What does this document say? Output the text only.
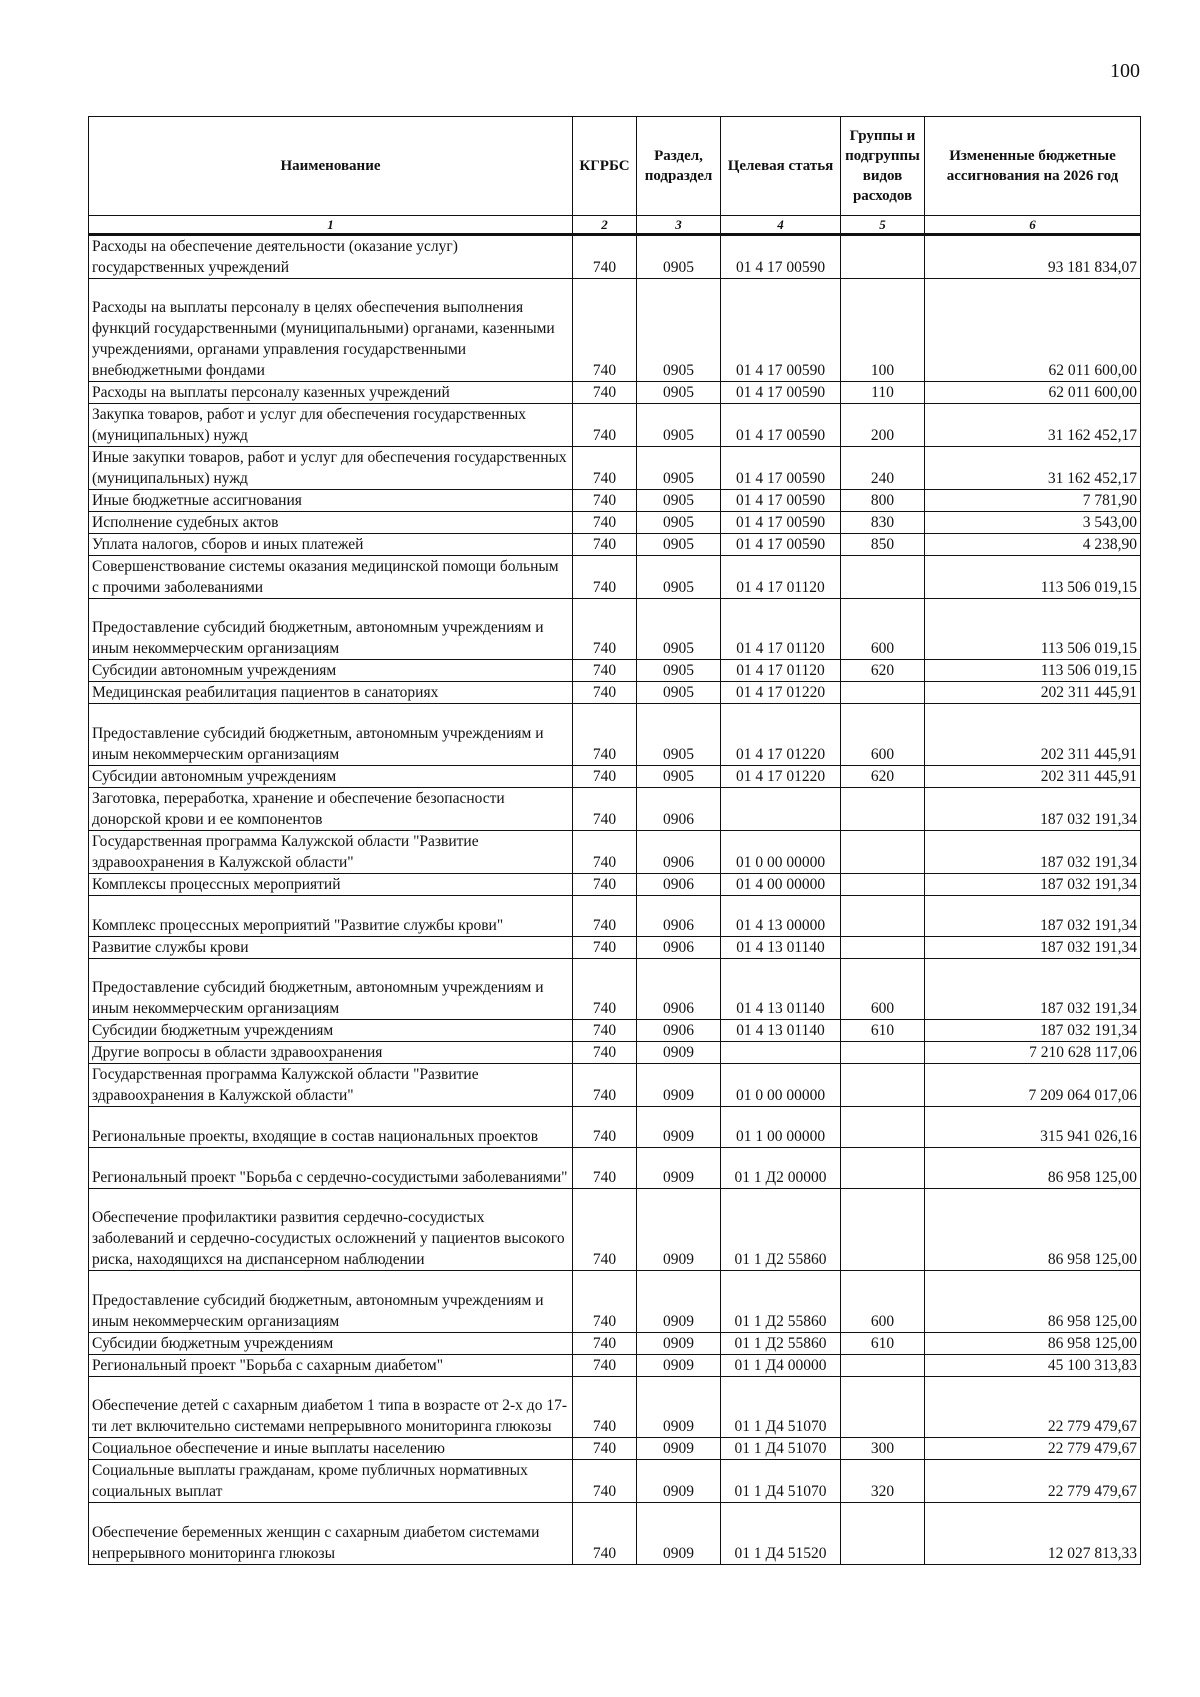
100
Наименование	КГРБС	Раздел, подраздел	Целевая статья	Группы и подгруппы видов расходов	Измененные бюджетные ассигнования на 2026 год
1	2	3	4	5	6
Расходы на обеспечение деятельности (оказание услуг) государственных учреждений	740	0905	01 4 17 00590		93 181 834,07
Расходы на выплаты персоналу в целях обеспечения выполнения функций государственными (муниципальными) органами, казенными учреждениями, органами управления государственными внебюджетными фондами	740	0905	01 4 17 00590	100	62 011 600,00
Расходы на выплаты персоналу казенных учреждений	740	0905	01 4 17 00590	110	62 011 600,00
Закупка товаров, работ и услуг для обеспечения государственных (муниципальных) нужд	740	0905	01 4 17 00590	200	31 162 452,17
Иные закупки товаров, работ и услуг для обеспечения государственных (муниципальных) нужд	740	0905	01 4 17 00590	240	31 162 452,17
Иные бюджетные ассигнования	740	0905	01 4 17 00590	800	7 781,90
Исполнение судебных актов	740	0905	01 4 17 00590	830	3 543,00
Уплата налогов, сборов и иных платежей	740	0905	01 4 17 00590	850	4 238,90
Совершенствование системы оказания медицинской помощи больным с прочими заболеваниями	740	0905	01 4 17 01120		113 506 019,15
Предоставление субсидий бюджетным, автономным учреждениям и иным некоммерческим организациям	740	0905	01 4 17 01120	600	113 506 019,15
Субсидии автономным учреждениям	740	0905	01 4 17 01120	620	113 506 019,15
Медицинская реабилитация пациентов в санаториях	740	0905	01 4 17 01220		202 311 445,91
Предоставление субсидий бюджетным, автономным учреждениям и иным некоммерческим организациям	740	0905	01 4 17 01220	600	202 311 445,91
Субсидии автономным учреждениям	740	0905	01 4 17 01220	620	202 311 445,91
Заготовка, переработка, хранение и обеспечение безопасности донорской крови и ее компонентов	740	0906			187 032 191,34
Государственная программа Калужской области "Развитие здравоохранения в Калужской области"	740	0906	01 0 00 00000		187 032 191,34
Комплексы процессных мероприятий	740	0906	01 4 00 00000		187 032 191,34
Комплекс процессных мероприятий "Развитие службы крови"	740	0906	01 4 13 00000		187 032 191,34
Развитие службы крови	740	0906	01 4 13 01140		187 032 191,34
Предоставление субсидий бюджетным, автономным учреждениям и иным некоммерческим организациям	740	0906	01 4 13 01140	600	187 032 191,34
Субсидии бюджетным учреждениям	740	0906	01 4 13 01140	610	187 032 191,34
Другие вопросы в области здравоохранения	740	0909			7 210 628 117,06
Государственная программа Калужской области "Развитие здравоохранения в Калужской области"	740	0909	01 0 00 00000		7 209 064 017,06
Региональные проекты, входящие в состав национальных проектов	740	0909	01 1 00 00000		315 941 026,16
Региональный проект "Борьба с сердечно-сосудистыми заболеваниями"	740	0909	01 1 Д2 00000		86 958 125,00
Обеспечение профилактики развития сердечно-сосудистых заболеваний и сердечно-сосудистых осложнений у пациентов высокого риска, находящихся на диспансерном наблюдении	740	0909	01 1 Д2 55860		86 958 125,00
Предоставление субсидий бюджетным, автономным учреждениям и иным некоммерческим организациям	740	0909	01 1 Д2 55860	600	86 958 125,00
Субсидии бюджетным учреждениям	740	0909	01 1 Д2 55860	610	86 958 125,00
Региональный проект "Борьба с сахарным диабетом"	740	0909	01 1 Д4 00000		45 100 313,83
Обеспечение детей с сахарным диабетом 1 типа в возрасте от 2-х до 17-ти лет включительно системами непрерывного мониторинга глюкозы	740	0909	01 1 Д4 51070		22 779 479,67
Социальное обеспечение и иные выплаты населению	740	0909	01 1 Д4 51070	300	22 779 479,67
Социальные выплаты гражданам, кроме публичных нормативных социальных выплат	740	0909	01 1 Д4 51070	320	22 779 479,67
Обеспечение беременных женщин с сахарным диабетом системами непрерывного мониторинга глюкозы	740	0909	01 1 Д4 51520		12 027 813,33
